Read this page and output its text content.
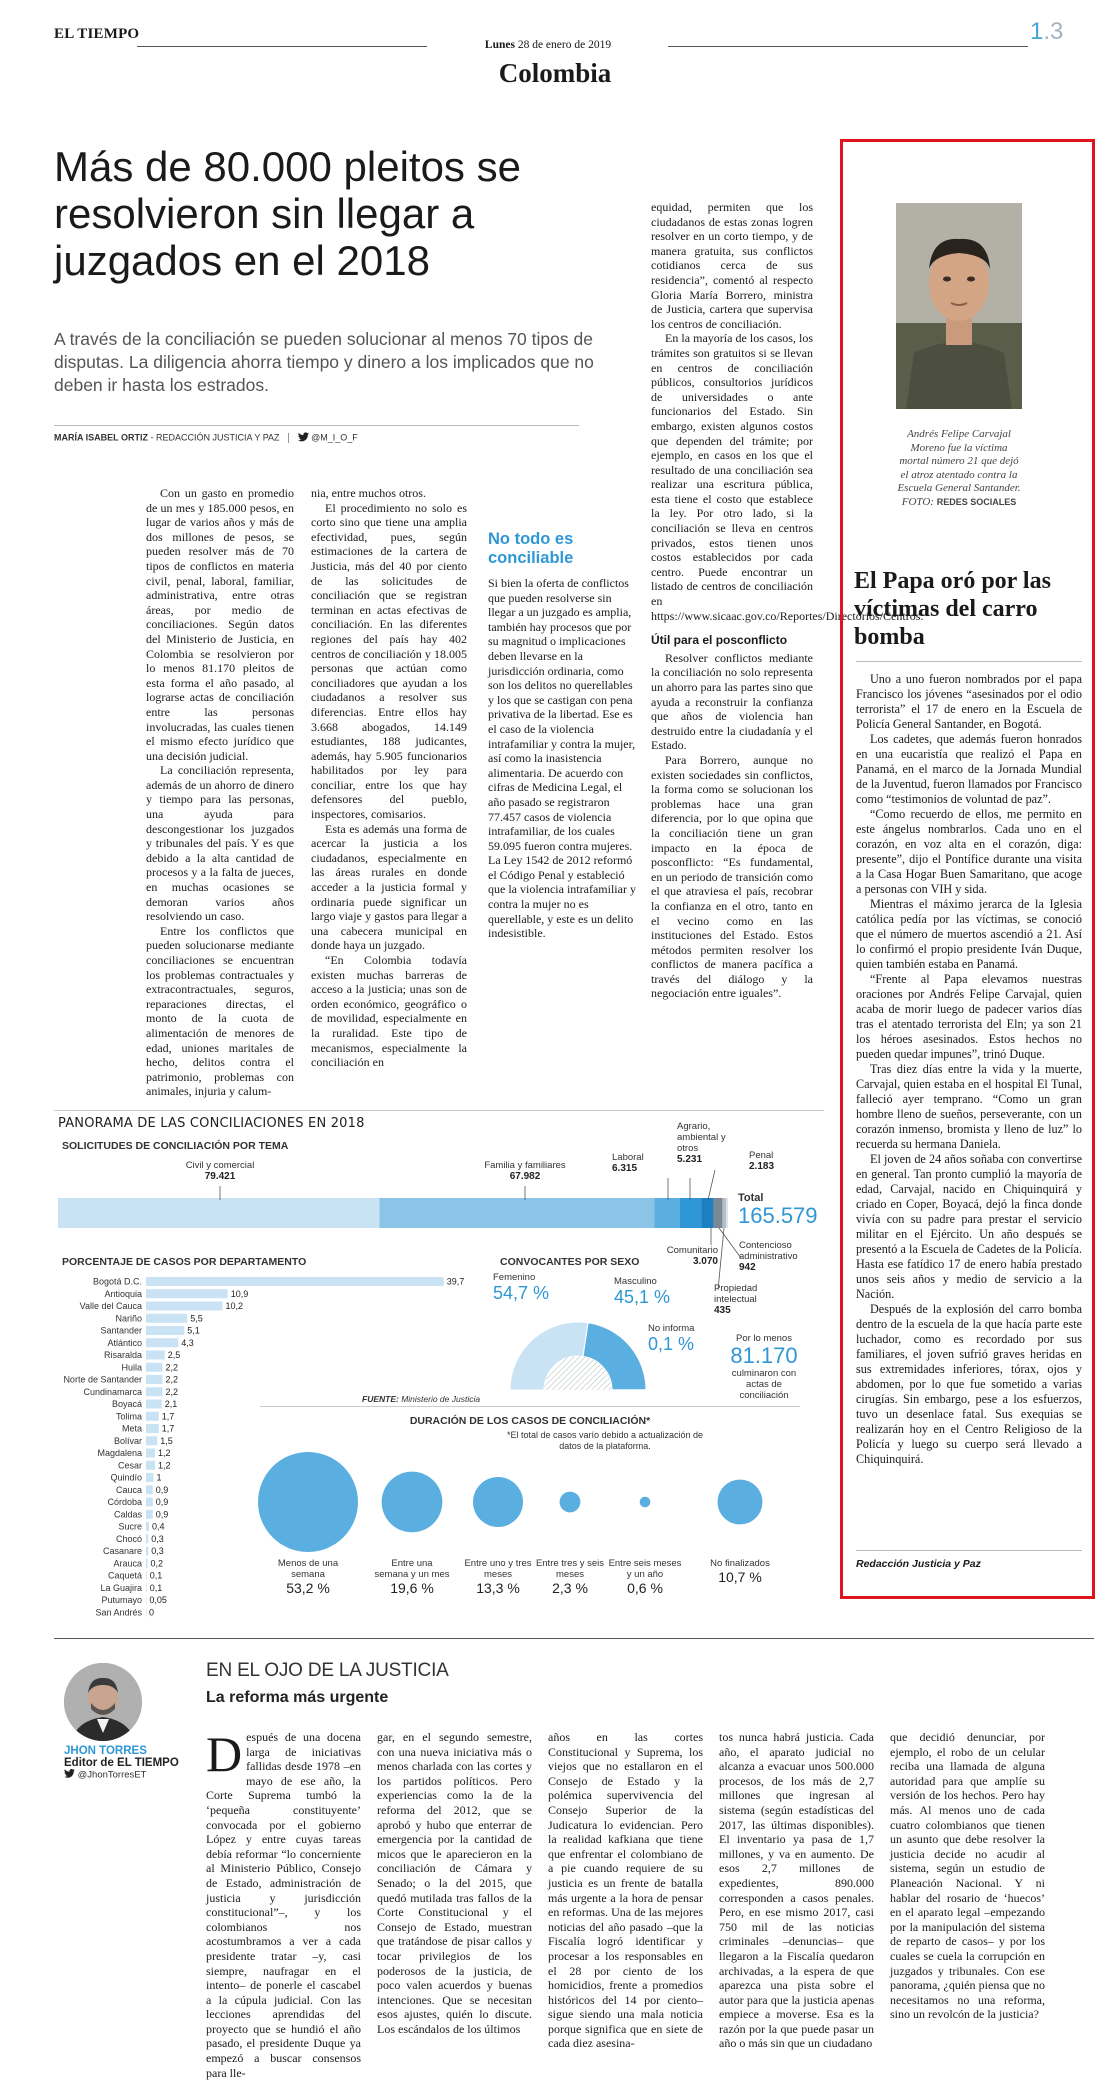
EL TIEMPO
Lunes 28 de enero de 2019	1.3
Colombia
Más de 80.000 pleitos se resolvieron sin llegar a juzgados en el 2018
A través de la conciliación se pueden solucionar al menos 70 tipos de disputas. La diligencia ahorra tiempo y dinero a los implicados que no deben ir hasta los estrados.
MARÍA ISABEL ORTIZ - REDACCIÓN JUSTICIA Y PAZ	@M_I_O_F

Con un gasto en promedio de un mes y 185.000 pesos, en lugar de varios años y más de dos millones de pesos, se pueden resolver más de 70 tipos de conflictos en materia civil, penal, laboral, familiar, administrativa, entre otras áreas, por medio de conciliaciones. Según datos del Ministerio de Justicia, en Colombia se resolvieron por lo menos 81.170 pleitos de esta forma el año pasado, al lograrse actas de conciliación entre las personas involucradas, las cuales tienen el mismo efecto jurídico que una decisión judicial.

La conciliación representa, además de un ahorro de dinero y tiempo para las personas, una ayuda para descongestionar los juzgados y tribunales del país. Y es que debido a la alta cantidad de procesos y a la falta de jueces, en muchas ocasiones se demoran varios años resolviendo un caso.

Entre los conflictos que pueden solucionarse mediante conciliaciones se encuentran los problemas contractuales y extracontractuales, seguros, reparaciones directas, el monto de la cuota de alimentación de menores de edad, uniones maritales de hecho, delitos contra el patrimonio, problemas con animales, injuria y calum-

nia, entre muchos otros.

El procedimiento no solo es corto sino que tiene una amplia efectividad, pues, según estimaciones de la cartera de Justicia, más del 40 por ciento de las solicitudes de conciliación que se registran terminan en actas efectivas de conciliación. En las diferentes regiones del país hay 402 centros de conciliación y 18.005 personas que actúan como conciliadores que ayudan a los ciudadanos a resolver sus diferencias. Entre ellos hay 3.668 abogados, 14.149 estudiantes, 188 judicantes, además, hay 5.905 funcionarios habilitados por ley para conciliar, entre los que hay defensores del pueblo, inspectores, comisarios.

Esta es además una forma de acercar la justicia a los ciudadanos, especialmente en las áreas rurales en donde acceder a la justicia formal y ordinaria puede significar un largo viaje y gastos para llegar a una cabecera municipal en donde haya un juzgado.

“En Colombia todavía existen muchas barreras de acceso a la justicia; unas son de orden económico, geográfico o de movilidad, especialmente en la ruralidad. Este tipo de mecanismos, especialmente la conciliación en

No todo es conciliable
Si bien la oferta de conflictos que pueden resolverse sin llegar a un juzgado es amplia, también hay procesos que por su magnitud o implicaciones deben llevarse en la jurisdicción ordinaria, como son los delitos no querellables y los que se castigan con pena privativa de la libertad. Ese es el caso de la violencia intrafamiliar y contra la mujer, así como la inasistencia alimentaria. De acuerdo con cifras de Medicina Legal, el año pasado se registraron 77.457 casos de violencia intrafamiliar, de los cuales 59.095 fueron contra mujeres. La Ley 1542 de 2012 reformó el Código Penal y estableció que la violencia intrafamiliar y contra la mujer no es querellable, y este es un delito indesistible.

equidad, permiten que los ciudadanos de estas zonas logren resolver en un corto tiempo, y de manera gratuita, sus conflictos cotidianos cerca de sus residencia”, comentó al respecto Gloria María Borrero, ministra de Justicia, cartera que supervisa los centros de conciliación.

En la mayoría de los casos, los trámites son gratuitos si se llevan en centros de conciliación públicos, consultorios jurídicos de universidades o ante funcionarios del Estado. Sin embargo, existen algunos costos que dependen del trámite; por ejemplo, en casos en los que el resultado de una conciliación sea realizar una escritura pública, esta tiene el costo que establece la ley. Por otro lado, si la conciliación se lleva en centros privados, estos tienen unos costos establecidos por cada centro. Puede encontrar un listado de centros de conciliación en https://www.sicaac.gov.co/Reportes/Directorios/Centros.

Útil para el posconflicto

Resolver conflictos mediante la conciliación no solo representa un ahorro para las partes sino que ayuda a reconstruir la confianza que años de violencia han destruido entre la ciudadanía y el Estado.

Para Borrero, aunque no existen sociedades sin conflictos, la forma como se solucionan los problemas hace una gran diferencia, por lo que opina que la conciliación tiene un gran impacto en la época de posconflicto: “Es fundamental, en un periodo de transición como el que atraviesa el país, recobrar la confianza en el otro, tanto en el vecino como en las instituciones del Estado. Estos métodos permiten resolver los conflictos de manera pacífica a través del diálogo y la negociación entre iguales”.

Andrés Felipe Carvajal Moreno fue la víctima mortal número 21 que dejó el atroz atentado contra la Escuela General Santander. FOTO: REDES SOCIALES
El Papa oró por las víctimas del carro bomba

Uno a uno fueron nombrados por el papa Francisco los jóvenes “asesinados por el odio terrorista” el 17 de enero en la Escuela de Policía General Santander, en Bogotá.

Los cadetes, que además fueron honrados en una eucaristía que realizó el Papa en Panamá, en el marco de la Jornada Mundial de la Juventud, fueron llamados por Francisco como “testimonios de voluntad de paz”.

“Como recuerdo de ellos, me permito en este ángelus nombrarlos. Cada uno en el corazón, en voz alta en el corazón, diga: presente”, dijo el Pontífice durante una visita a la Casa Hogar Buen Samaritano, que acoge a personas con VIH y sida.

Mientras el máximo jerarca de la Iglesia católica pedía por las víctimas, se conoció que el número de muertos ascendió a 21. Así lo confirmó el propio presidente Iván Duque, quien también estaba en Panamá.

“Frente al Papa elevamos nuestras oraciones por Andrés Felipe Carvajal, quien acaba de morir luego de padecer varios días tras el atentado terrorista del Eln; ya son 21 los héroes asesinados. Estos hechos no pueden quedar impunes”, trinó Duque.

Tras diez días entre la vida y la muerte, Carvajal, quien estaba en el hospital El Tunal, falleció ayer temprano. “Como un gran hombre lleno de sueños, perseverante, con un corazón inmenso, bromista y lleno de luz” lo recuerda su hermana Daniela.

El joven de 24 años soñaba con convertirse en general. Tan pronto cumplió la mayoría de edad, Carvajal, nacido en Chiquinquirá y criado en Coper, Boyacá, dejó la finca donde vivía con su padre para prestar el servicio militar en el Ejército. Un año después se presentó a la Escuela de Cadetes de la Policía. Hasta ese fatídico 17 de enero había prestado unos seis años y medio de servicio a la Nación.

Después de la explosión del carro bomba dentro de la escuela de la que hacía parte este luchador, como es recordado por sus familiares, el joven sufrió graves heridas en sus extremidades inferiores, tórax, ojos y abdomen, por lo que fue sometido a varias cirugías. Sin embargo, pese a los esfuerzos, tuvo un desenlace fatal. Sus exequias se realizarán hoy en el Centro Religioso de la Policía y luego su cuerpo será llevado a Chiquinquirá.

Redacción Justicia y Paz
PANORAMA DE LAS CONCILIACIONES EN 2018
SOLICITUDES DE CONCILIACIÓN POR TEMA
Civil y comercial
79.421
Familia y familiares
67.982
Laboral
6.315
Agrario, ambiental y otros
5.231	Penal
2.183
Comunitario
3.070
Contencioso administrativo
942
Propiedad intelectual
435
Total
165.579
PORCENTAJE DE CASOS POR DEPARTAMENTO
Bogotá D.C.	39,7
Antioquia	10,9
Valle del Cauca	10,2
Nariño	5,5
Santander	5,1
Atlántico	4,3
Risaralda	2,5
Huila	2,2
Norte de Santander	2,2
Cundinamarca	2,2
Boyacá	2,1
Tolima 1,7
Meta 1,7
Bolívar 1,5
Magdalena 1,2
Cesar 1,2
Quindío 1
Cauca 0,9
Córdoba 0,9
Caldas 0,9
Sucre 0,4
Chocó 0,3
Casanare 0,3
Arauca 0,2
Caquetá 0,1
La Guajira 0,1
Putumayo 0,05
San Andrés 0
CONVOCANTES POR SEXO
Femenino
54,7 %
Masculino
45,1 %
No informa
0,1 %	Por lo menos
81.170
culminaron con actas de conciliación
FUENTE: Ministerio de Justicia
DURACIÓN DE LOS CASOS DE CONCILIACIÓN*
*El total de casos varío debido a actualización de datos de la plataforma.
Menos de una semana
53,2 %
Entre una semana y un mes
19,6 %
Entre uno y tres meses
13,3 %
Entre tres y seis meses
2,3 %
Entre seis meses y un año
0,6 %
No finalizados
10,7 %
JHON TORRES
Editor de EL TIEMPO
@JhonTorresET
EN EL OJO DE LA JUSTICIA
La reforma más urgente
D espués de una docena larga de iniciativas fallidas desde 1978 –en mayo de ese año, la Corte Suprema tumbó la ‘pequeña constituyente’ convocada por el gobierno López y entre cuyas tareas debía reformar “lo concerniente al Ministerio Público, Consejo de Estado, administración de justicia y jurisdicción constitucional”–, y los colombianos nos acostumbramos a ver a cada presidente tratar –y, casi siempre, naufragar en el intento– de ponerle el cascabel a la cúpula judicial. Con las lecciones aprendidas del proyecto que se hundió el año pasado, el presidente Duque ya empezó a buscar consensos para lle-
gar, en el segundo semestre, con una nueva iniciativa más o menos charlada con las cortes y los partidos políticos. Pero experiencias como la de la reforma del 2012, que se aprobó y hubo que enterrar de emergencia por la cantidad de micos que le aparecieron en la conciliación de Cámara y Senado; o la del 2015, que quedó mutilada tras fallos de la Corte Constitucional y el Consejo de Estado, muestran que tratándose de pisar callos y tocar privilegios de los poderosos de la justicia, de poco valen acuerdos y buenas intenciones. Que se necesitan esos ajustes, quién lo discute. Los escándalos de los últimos
años en las cortes Constitucional y Suprema, los viejos que no estallaron en el Consejo de Estado y la polémica supervivencia del Consejo Superior de la Judicatura lo evidencian. Pero la realidad kafkiana que tiene que enfrentar el colombiano de a pie cuando requiere de su justicia es un frente de batalla más urgente a la hora de pensar en reformas. Una de las mejores noticias del año pasado –que la Fiscalía logró identificar y procesar a los responsables en el 28 por ciento de los homicidios, frente a promedios históricos del 14 por ciento– sigue siendo una mala noticia porque significa que en siete de cada diez asesina-
tos nunca habrá justicia. Cada año, el aparato judicial no alcanza a evacuar unos 500.000 procesos, de los más de 2,7 millones que ingresan al sistema (según estadísticas del 2017, las últimas disponibles). El inventario ya pasa de 1,7 millones, y va en aumento. De esos 2,7 millones de expedientes, 890.000 corresponden a casos penales. Pero, en ese mismo 2017, casi 750 mil de las noticias criminales –denuncias– que llegaron a la Fiscalía quedaron archivadas, a la espera de que aparezca una pista sobre el autor para que la justicia apenas empiece a moverse. Esa es la razón por la que puede pasar un año o más sin que un ciudadano
que decidió denunciar, por ejemplo, el robo de un celular reciba una llamada de alguna autoridad para que amplíe su versión de los hechos. Pero hay más. Al menos uno de cada cuatro colombianos que tienen un asunto que debe resolver la justicia decide no acudir al sistema, según un estudio de Planeación Nacional. Y ni hablar del rosario de ‘huecos’ en el aparato legal –empezando por la manipulación del sistema de reparto de casos– y por los cuales se cuela la corrupción en juzgados y tribunales. Con ese panorama, ¿quién piensa que no necesitamos no una reforma, sino un revolcón de la justicia?
